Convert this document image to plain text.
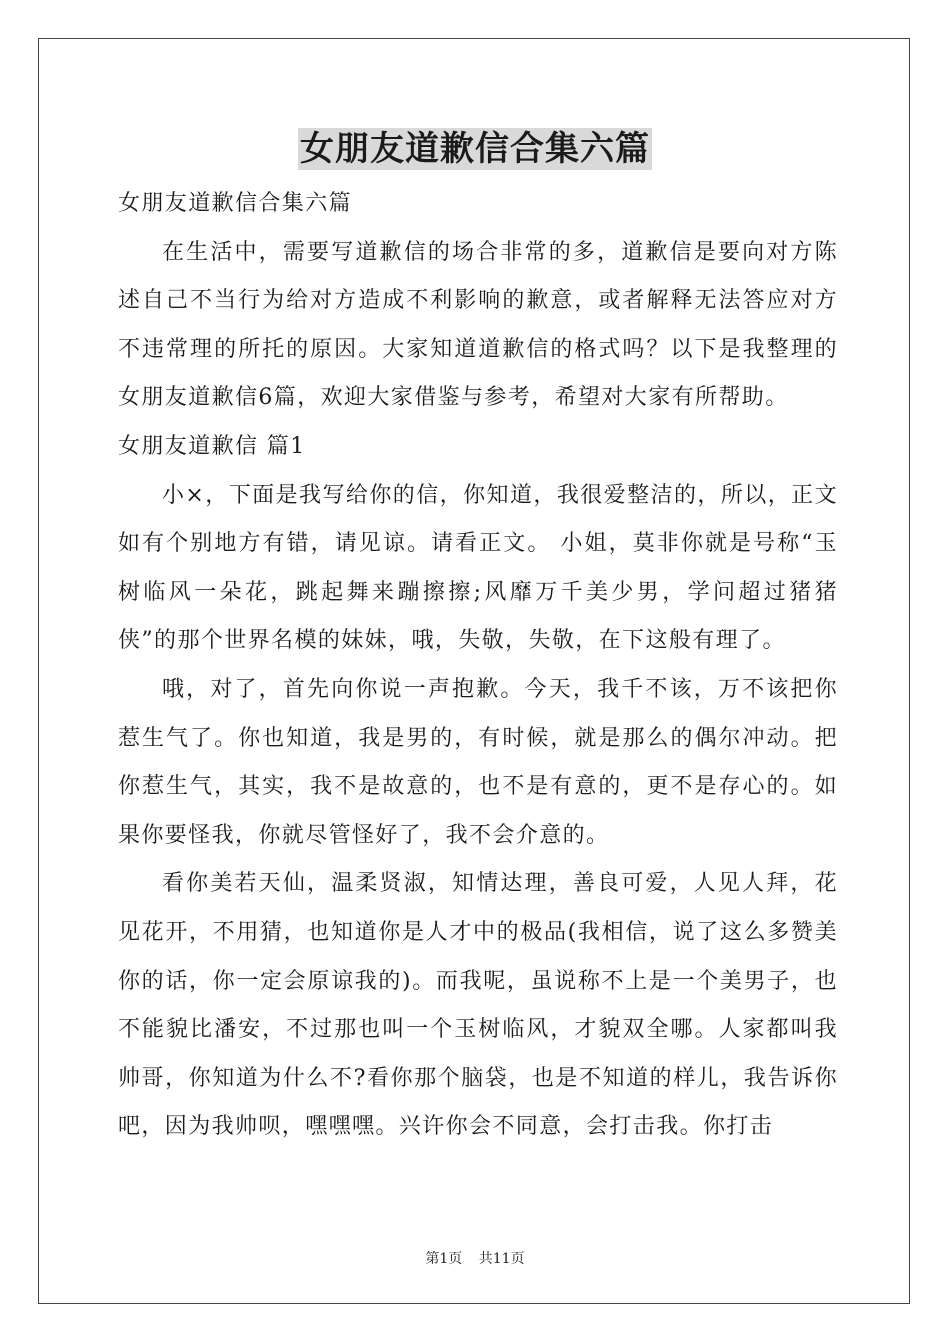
女朋友道歉信合集六篇

女朋友道歉信合集六篇

在生活中，需要写道歉信的场合非常的多，道歉信是要向对方陈述自己不当行为给对方造成不利影响的歉意，或者解释无法答应对方不违常理的所托的原因。大家知道道歉信的格式吗？以下是我整理的女朋友道歉信6篇，欢迎大家借鉴与参考，希望对大家有所帮助。

女朋友道歉信 篇1

小×，下面是我写给你的信，你知道，我很爱整洁的，所以，正文如有个别地方有错，请见谅。请看正文。 小姐，莫非你就是号称“玉树临风一朵花，跳起舞来蹦擦擦;风靡万千美少男，学问超过猪猪侠”的那个世界名模的妹妹，哦，失敬，失敬，在下这般有理了。

哦，对了，首先向你说一声抱歉。今天，我千不该，万不该把你惹生气了。你也知道，我是男的，有时候，就是那么的偶尔冲动。把你惹生气，其实，我不是故意的，也不是有意的，更不是存心的。如果你要怪我，你就尽管怪好了，我不会介意的。

看你美若天仙，温柔贤淑，知情达理，善良可爱，人见人拜，花见花开，不用猜，也知道你是人才中的极品(我相信，说了这么多赞美你的话，你一定会原谅我的)。而我呢，虽说称不上是一个美男子，也不能貌比潘安，不过那也叫一个玉树临风，才貌双全哪。人家都叫我帅哥，你知道为什么不?看你那个脑袋，也是不知道的样儿，我告诉你吧，因为我帅呗，嘿嘿嘿。兴许你会不同意，会打击我。你打击

第1页 共11页
